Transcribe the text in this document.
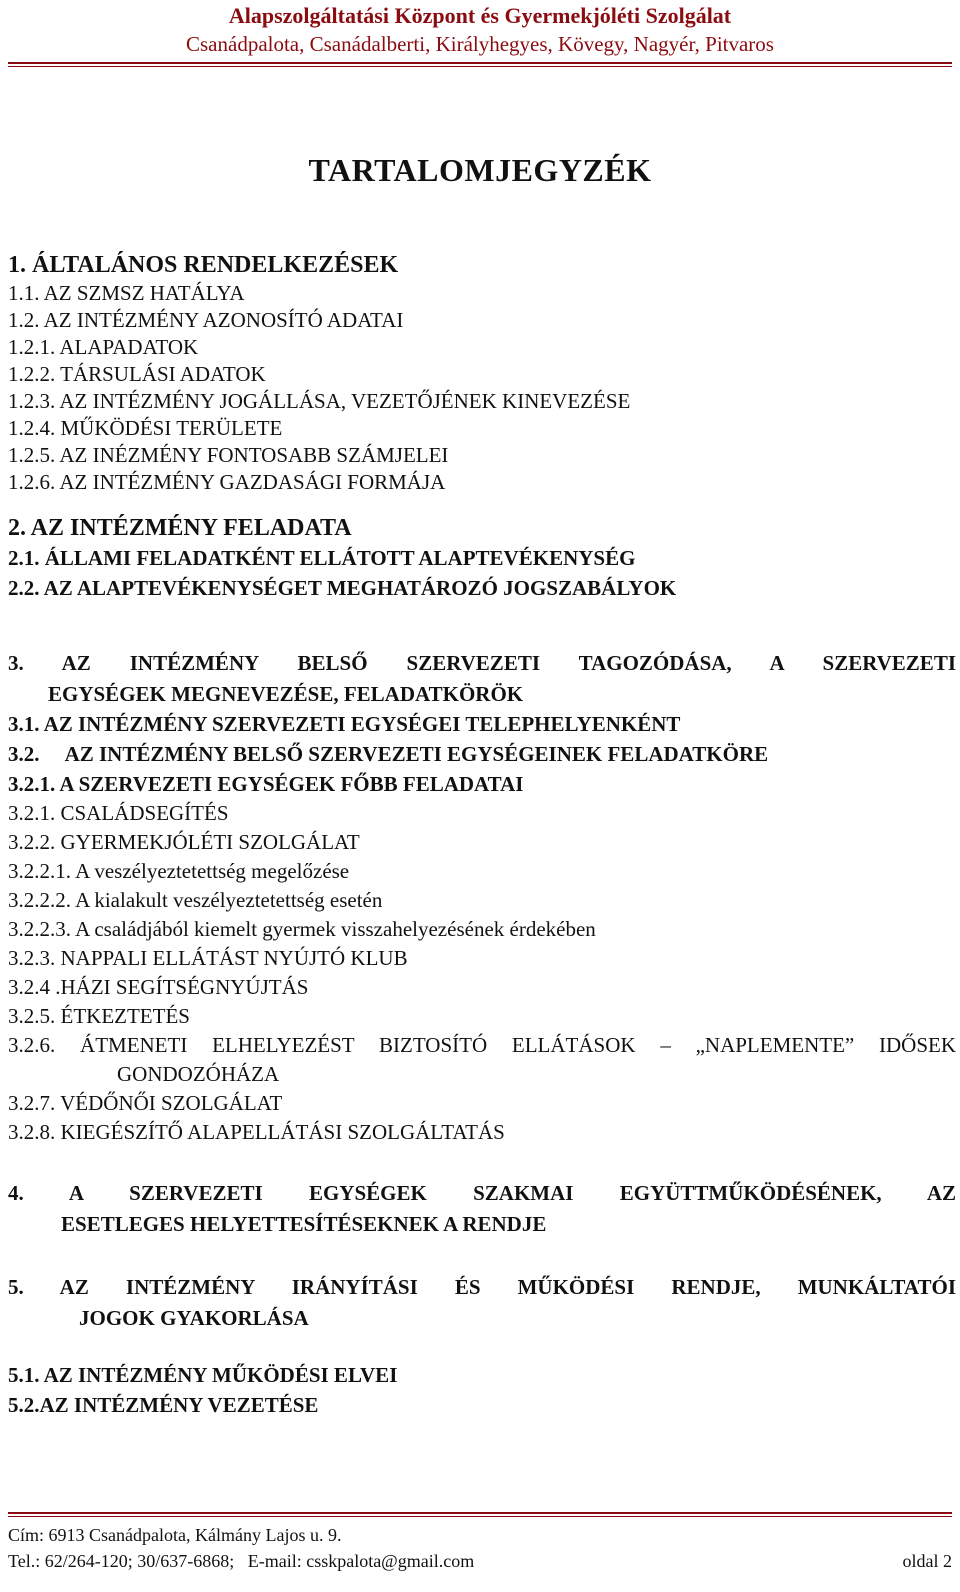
Alapszolgáltatási Központ és Gyermekjóléti Szolgálat
Csanádpalota, Csanádalberti, Királyhegyes, Kövegy, Nagyér, Pitvaros
TARTALOMJEGYZÉK
1. ÁLTALÁNOS RENDELKEZÉSEK
1.1. AZ SZMSZ HATÁLYA
1.2. AZ INTÉZMÉNY AZONOSÍTÓ ADATAI
1.2.1. ALAPADATOK
1.2.2. TÁRSULÁSI ADATOK
1.2.3. AZ INTÉZMÉNY JOGÁLLÁSA, VEZETŐJÉNEK KINEVEZÉSE
1.2.4. MŰKÖDÉSI TERÜLETE
1.2.5. AZ INÉZMÉNY FONTOSABB SZÁMJELEI
1.2.6. AZ INTÉZMÉNY GAZDASÁGI FORMÁJA
2. AZ INTÉZMÉNY FELADATA
2.1. ÁLLAMI FELADATKÉNT ELLÁTOTT ALAPTEVÉKENYSÉG
2.2. AZ ALAPTEVÉKENYSÉGET MEGHATÁROZÓ JOGSZABÁLYOK
3. AZ INTÉZMÉNY BELSŐ SZERVEZETI TAGOZÓDÁSA, A SZERVEZETI
EGYSÉGEK MEGNEVEZÉSE, FELADATKÖRÖK
3.1. AZ INTÉZMÉNY SZERVEZETI EGYSÉGEI TELEPHELYENKÉNT
3.2.     AZ INTÉZMÉNY BELSŐ SZERVEZETI EGYSÉGEINEK FELADATKÖRE
3.2.1. A SZERVEZETI EGYSÉGEK FŐBB FELADATAI
3.2.1. CSALÁDSEGÍTÉS
3.2.2. GYERMEKJÓLÉTI SZOLGÁLAT
3.2.2.1. A veszélyeztetettség megelőzése
3.2.2.2. A kialakult veszélyeztetettség esetén
3.2.2.3. A családjából kiemelt gyermek visszahelyezésének érdekében
3.2.3. NAPPALI ELLÁTÁST NYÚJTÓ KLUB
3.2.4 .HÁZI SEGÍTSÉGNYÚJTÁS
3.2.5. ÉTKEZTETÉS
3.2.6. ÁTMENETI ELHELYEZÉST BIZTOSÍTÓ ELLÁTÁSOK – „NAPLEMENTE” IDŐSEK
GONDOZÓHÁZA
3.2.7. VÉDŐNŐI SZOLGÁLAT
3.2.8. KIEGÉSZÍTŐ ALAPELLÁTÁSI SZOLGÁLTATÁS
4. A SZERVEZETI EGYSÉGEK SZAKMAI EGYÜTTMŰKÖDÉSÉNEK, AZ
ESETLEGES HELYETTESÍTÉSEKNEK A RENDJE
5. AZ INTÉZMÉNY IRÁNYÍTÁSI ÉS MŰKÖDÉSI RENDJE, MUNKÁLTATÓI
JOGOK GYAKORLÁSA
5.1. AZ INTÉZMÉNY MŰKÖDÉSI ELVEI
5.2.AZ INTÉZMÉNY VEZETÉSE
Cím: 6913 Csanádpalota, Kálmány Lajos u. 9.
Tel.: 62/264-120; 30/637-6868;   E-mail: csskpalota@gmail.com	oldal 2
